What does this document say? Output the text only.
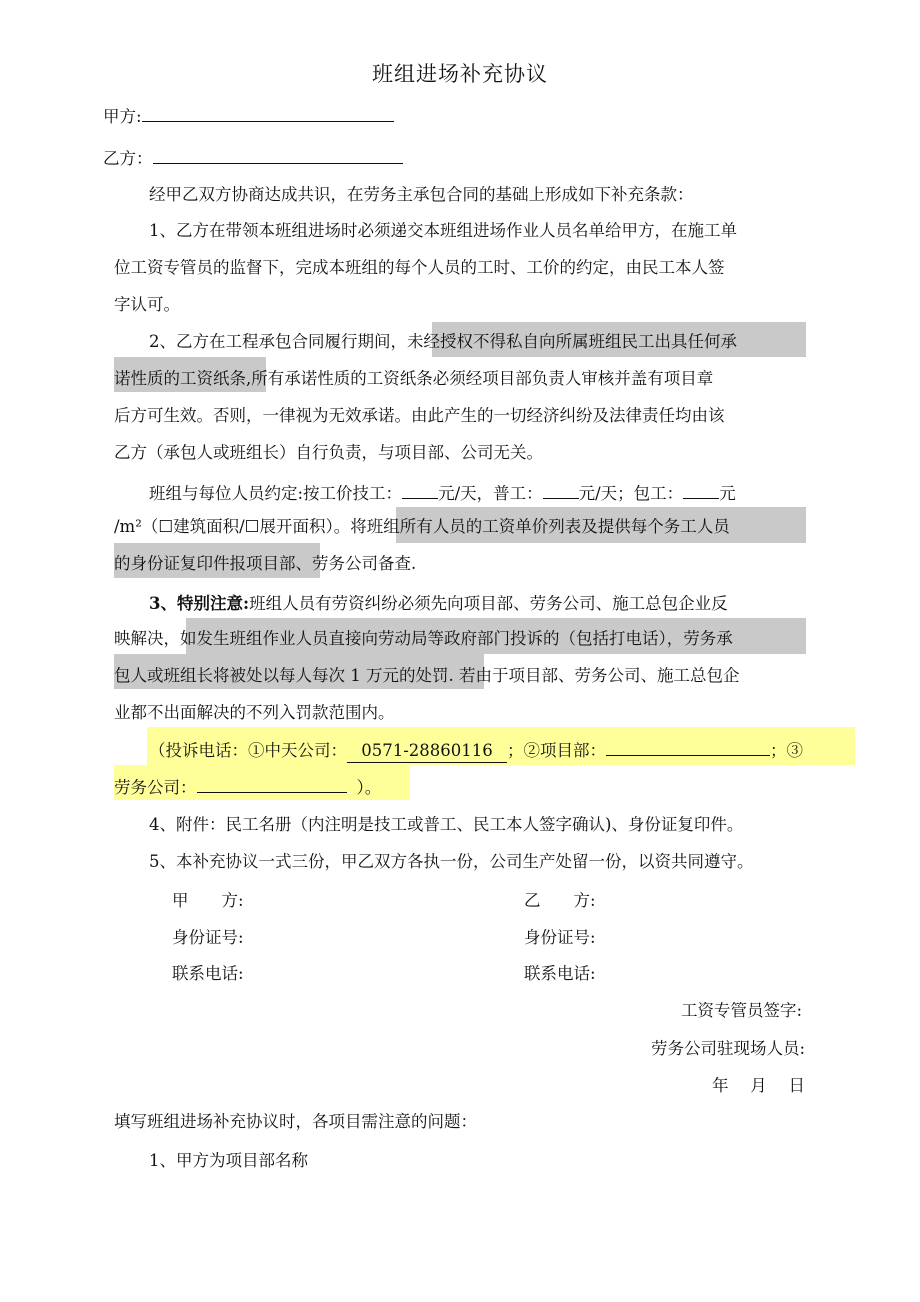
班组进场补充协议
甲方:
乙方：
经甲乙双方协商达成共识，在劳务主承包合同的基础上形成如下补充条款：
1、乙方在带领本班组进场时必须递交本班组进场作业人员名单给甲方，在施工单
位工资专管员的监督下，完成本班组的每个人员的工时、工价的约定，由民工本人签
字认可。
2、乙方在工程承包合同履行期间，未经授权不得私自向所属班组民工出具任何承
诺性质的工资纸条,所有承诺性质的工资纸条必须经项目部负责人审核并盖有项目章
后方可生效。否则，一律视为无效承诺。由此产生的一切经济纠纷及法律责任均由该
乙方（承包人或班组长）自行负责，与项目部、公司无关。
班组与每位人员约定:按工价技工： 元/天，普工： 元/天；包工： 元
/m²（☐建筑面积/☐展开面积）。将班组所有人员的工资单价列表及提供每个务工人员
的身份证复印件报项目部、劳务公司备查.
3、特别注意:班组人员有劳资纠纷必须先向项目部、劳务公司、施工总包企业反
映解决，如发生班组作业人员直接向劳动局等政府部门投诉的（包括打电话），劳务承
包人或班组长将被处以每人每次 1 万元的处罚. 若由于项目部、劳务公司、施工总包企
业都不出面解决的不列入罚款范围内。
（投诉电话：①中天公司： 0571-28860116 ；②项目部：	；③
劳务公司：	）。
4、附件：民工名册（内注明是技工或普工、民工本人签字确认)、身份证复印件。
5、本补充协议一式三份，甲乙双方各执一份，公司生产处留一份，以资共同遵守。
甲　　方:
身份证号:
联系电话:
乙　　方:
身份证号:
联系电话:
工资专管员签字:
劳务公司驻现场人员:
年　 月　 日
填写班组进场补充协议时，各项目需注意的问题：
1、甲方为项目部名称
